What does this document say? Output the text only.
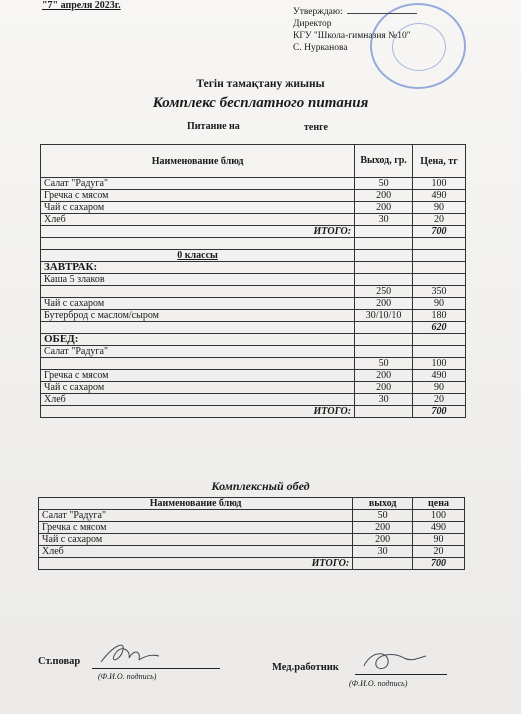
"7" апреля 2023г.
Утверждаю:
Директор
КГУ "Школа-гимназия №10"
С. Нурканова
Тегін тамақтану жиыны
Комплекс бесплатного питания
Питание на	тенге
Наименование блюд	Выход, гр.	Цена, тг
Салат "Радуга"	50	100
Гречка с мясом	200	490
Чай с сахаром	200	90
Хлеб	30	20
ИТОГО:		700

0 классы		
ЗАВТРАК:		
Каша 5 злаков		
	250	350
Чай с сахаром	200	90
Бутерброд с маслом/сыром	30/10/10	180
		620
ОБЕД:		
Салат "Радуга"		
	50	100
Гречка с мясом	200	490
Чай с сахаром	200	90
Хлеб	30	20
ИТОГО:		700
Комплексный обед
Наименование блюд	выход	цена
Салат "Радуга"	50	100
Гречка с мясом	200	490
Чай с сахаром	200	90
Хлеб	30	20
ИТОГО:		700
Ст.повар
(Ф.И.О. подпись)
Мед.работник
(Ф.И.О. подпись)
